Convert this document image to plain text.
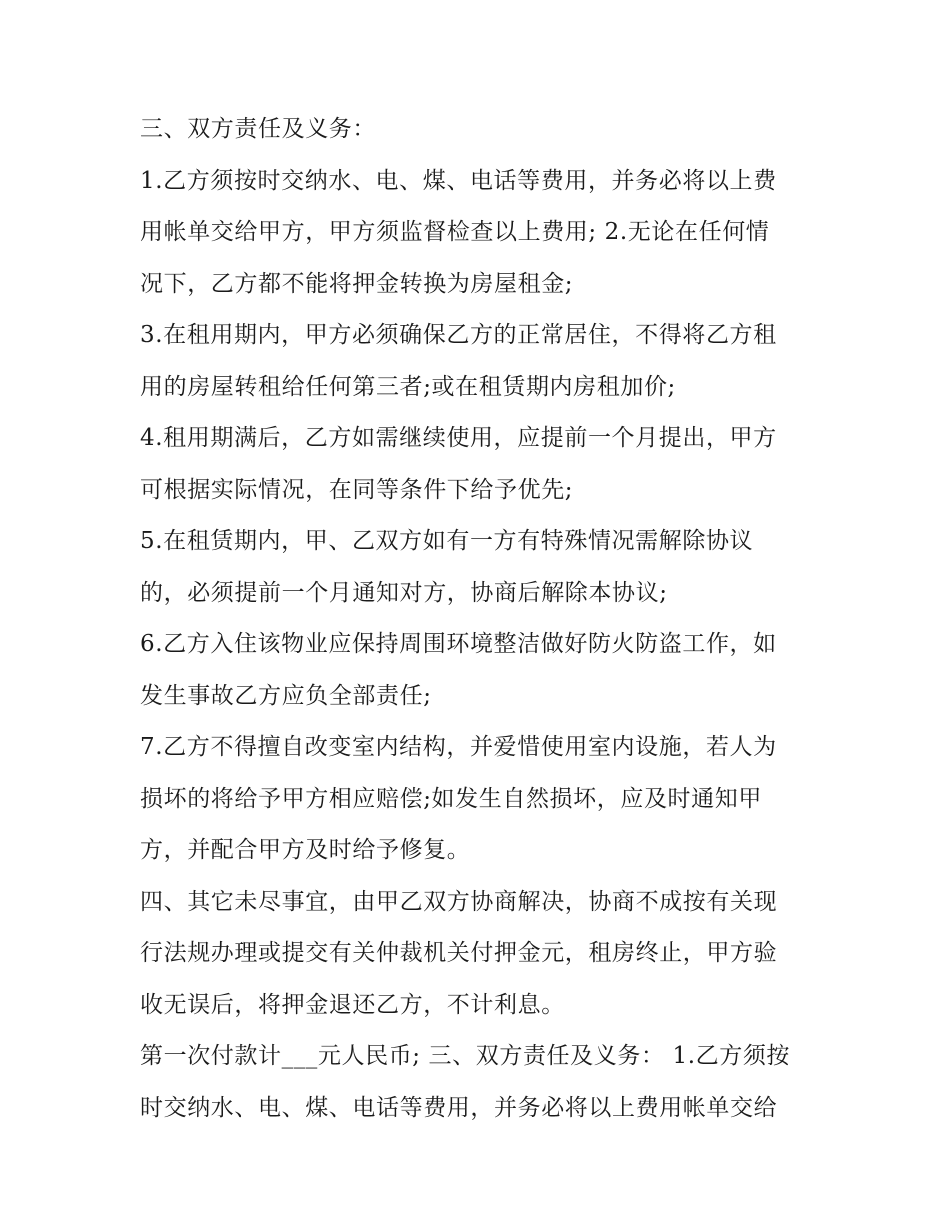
三、双方责任及义务：
1.乙方须按时交纳水、电、煤、电话等费用，并务必将以上费
用帐单交给甲方，甲方须监督检查以上费用; 2.无论在任何情
况下，乙方都不能将押金转换为房屋租金;
3.在租用期内，甲方必须确保乙方的正常居住，不得将乙方租
用的房屋转租给任何第三者;或在租赁期内房租加价;
4.租用期满后，乙方如需继续使用，应提前一个月提出，甲方
可根据实际情况，在同等条件下给予优先;
5.在租赁期内，甲、乙双方如有一方有特殊情况需解除协议
的，必须提前一个月通知对方，协商后解除本协议;
6.乙方入住该物业应保持周围环境整洁做好防火防盗工作，如
发生事故乙方应负全部责任;
7.乙方不得擅自改变室内结构，并爱惜使用室内设施，若人为
损坏的将给予甲方相应赔偿;如发生自然损坏，应及时通知甲
方，并配合甲方及时给予修复。
四、其它未尽事宜，由甲乙双方协商解决，协商不成按有关现
行法规办理或提交有关仲裁机关付押金元，租房终止，甲方验
收无误后，将押金退还乙方，不计利息。
第一次付款计___元人民币; 三、双方责任及义务： 1.乙方须按
时交纳水、电、煤、电话等费用，并务必将以上费用帐单交给
